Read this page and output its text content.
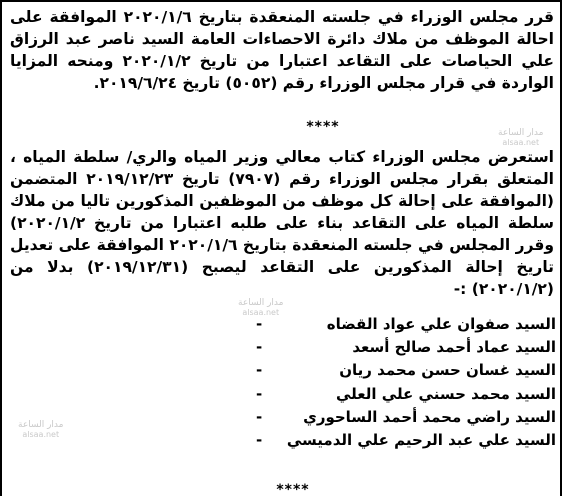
قرر مجلس الوزراء في جلسته المنعقدة بتاريخ ٢٠٢٠/١/٦ الموافقة على احالة الموظف من ملاك دائرة الاحصاءات العامة السيد ناصر عبد الرزاق علي الحياصات على التقاعد اعتبارا من تاريخ ٢٠٢٠/١/٢ ومنحه المزايا الواردة في قرار مجلس الوزراء رقم (٥٠٥٢) تاريخ ٢٠١٩/٦/٢٤.

****

استعرض مجلس الوزراء كتاب معالي وزير المياه والري/ سلطة المياه ، المتعلق بقرار مجلس الوزراء رقم (٧٩٠٧) تاريخ ٢٠١٩/١٢/٢٣ المتضمن (الموافقة على إحالة كل موظف من الموظفين المذكورين تاليا من ملاك سلطة المياه على التقاعد بناء على طلبه اعتبارا من تاريخ ٢٠٢٠/١/٢) وقرر المجلس في جلسته المنعقدة بتاريخ ٢٠٢٠/١/٦ الموافقة على تعديل تاريخ إحالة المذكورين على التقاعد ليصبح (٢٠١٩/١٢/٣١) بدلا من (٢٠٢٠/١/٢) :-

السيد صفوان علي عواد القضاه
-
السيد عماد أحمد صالح أسعد
-
السيد غسان حسن محمد ريان
-
السيد محمد حسني علي العلي
-
السيد راضي محمد أحمد الساحوري
-
السيد علي عبد الرحيم علي الدميسي
-
****
مدار الساعة
alsaa.net
مدار الساعة
alsaa.net
مدار الساعة
alsaa.net
